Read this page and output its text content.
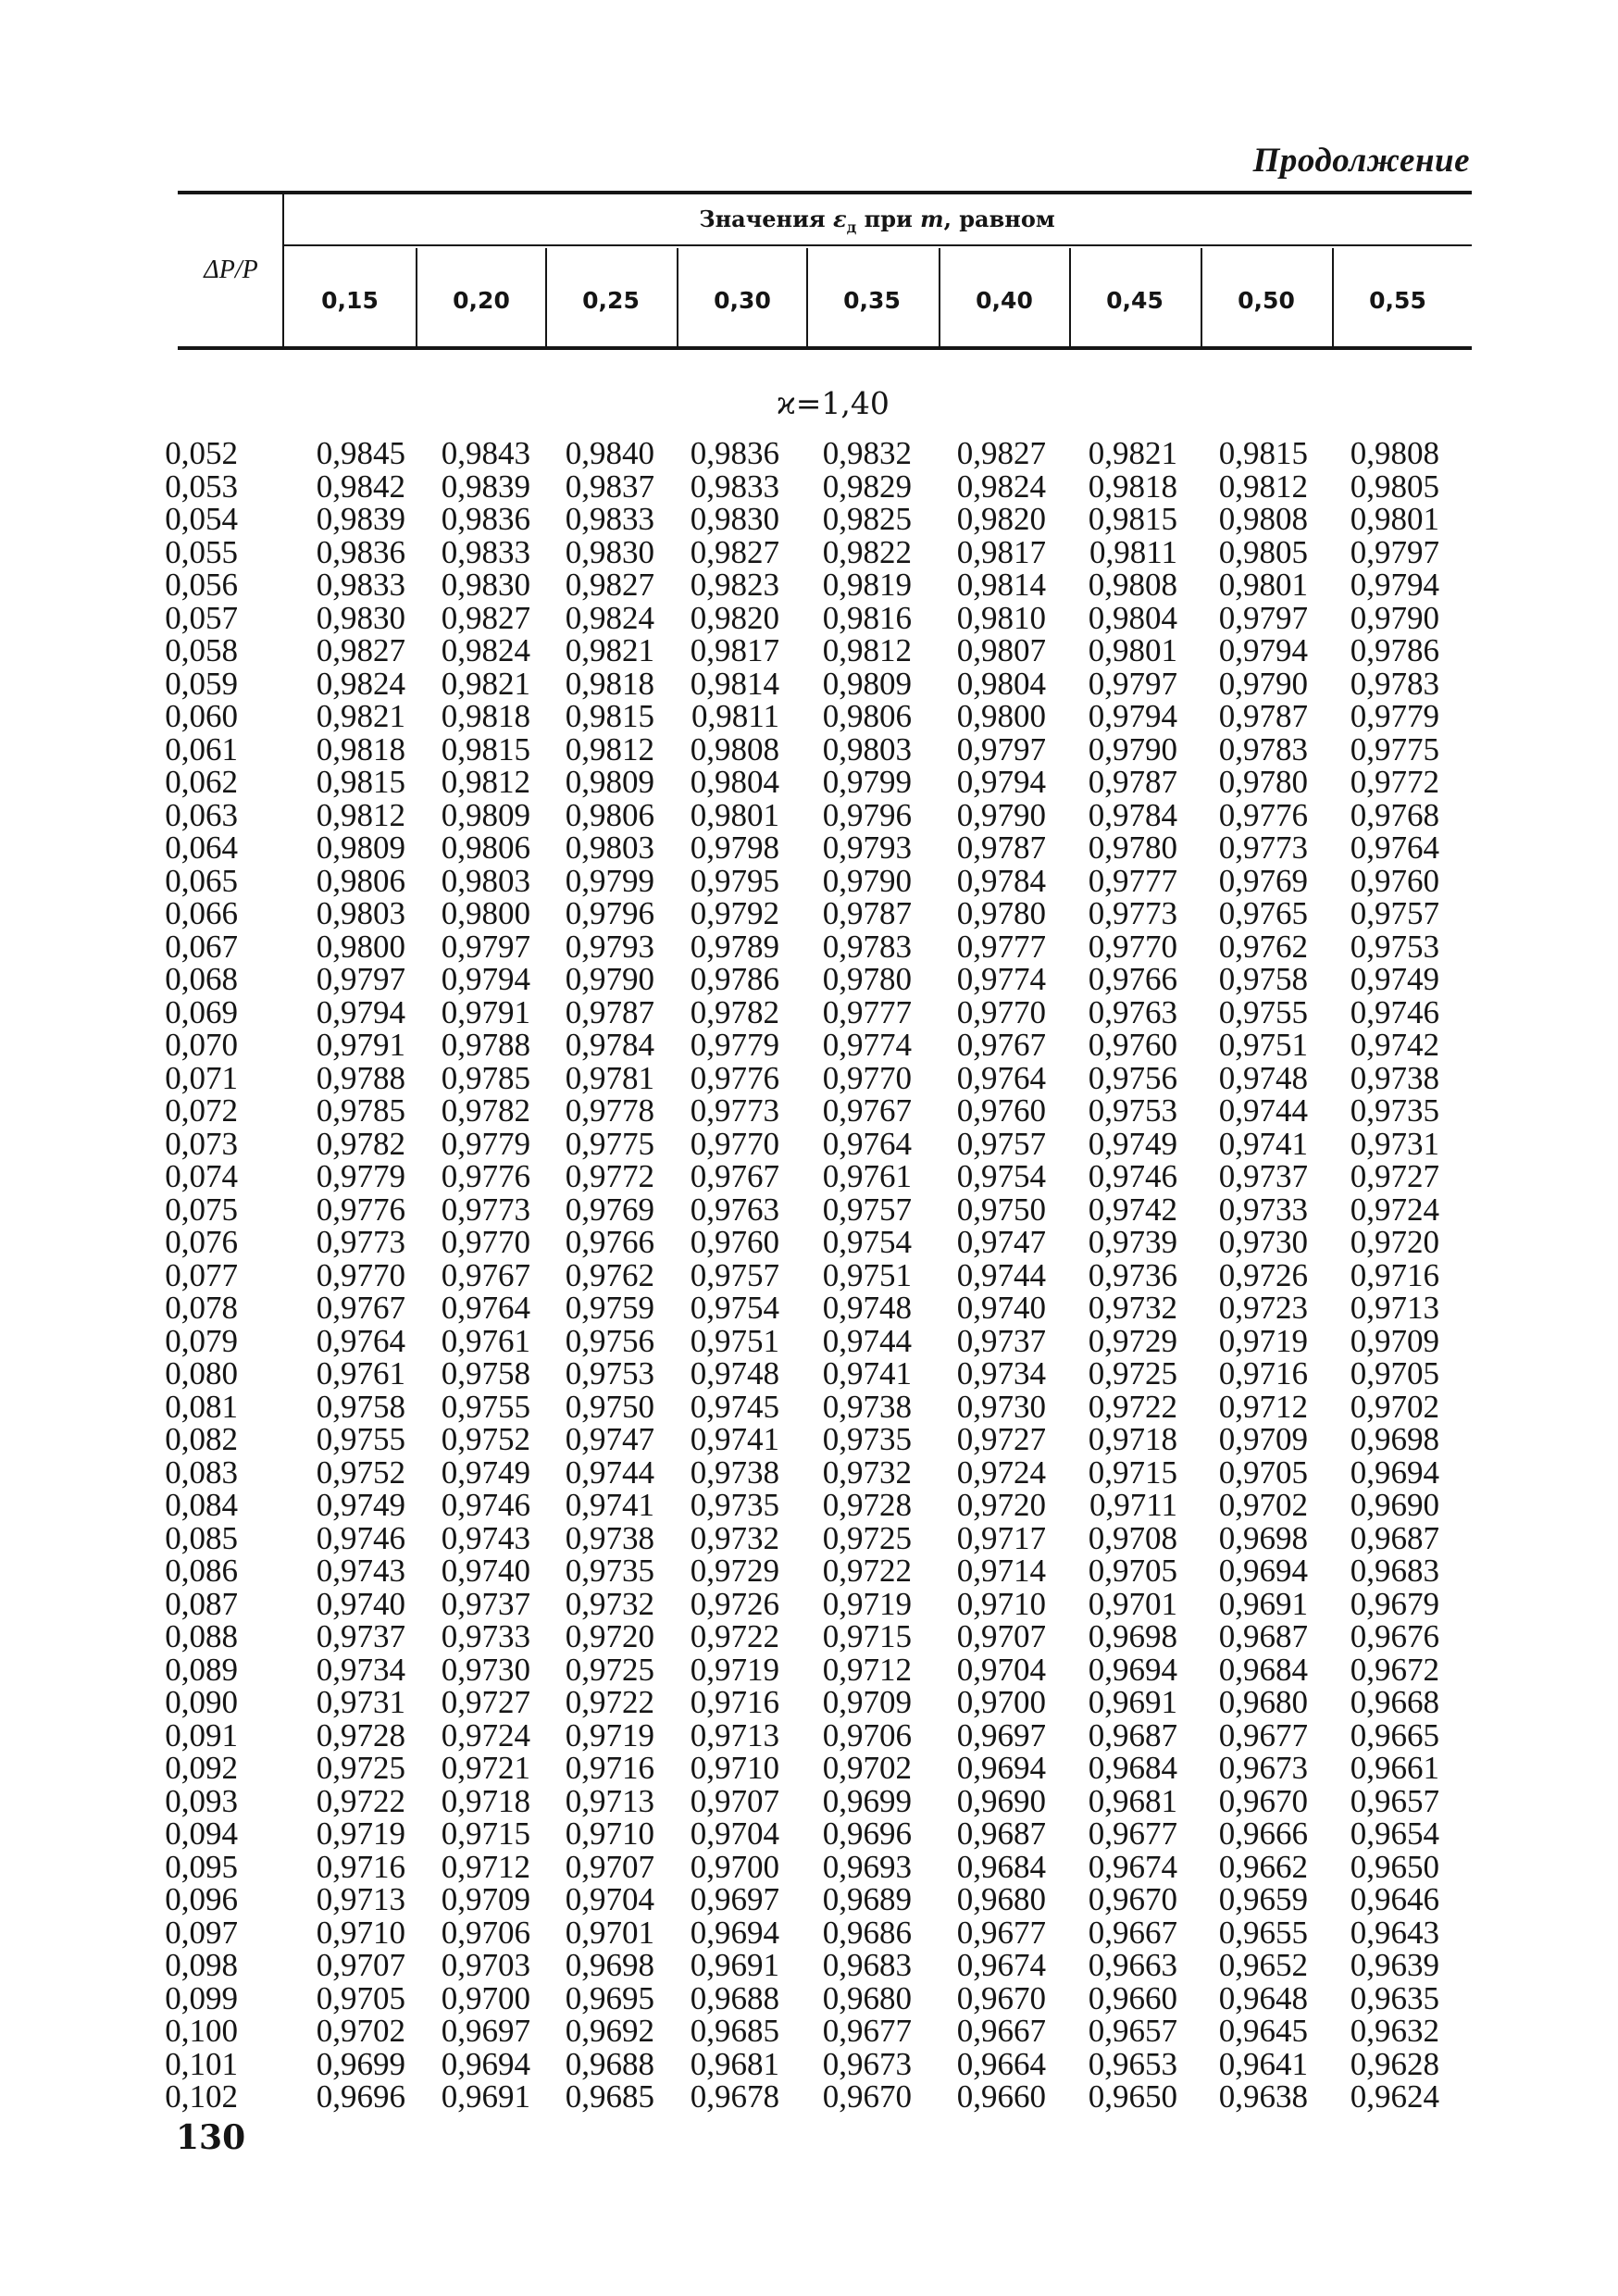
Продолжение
ΔP/P
Значения $\varepsilon_д$ при m, равном
0,15	0,20	0,25	0,30	0,35	0,40	0,45	0,50	0,55
ϰ=1,40
0,052	0,9845	0,9843	0,9840	0,9836	0,9832	0,9827	0,9821	0,9815	0,9808
0,053	0,9842	0,9839	0,9837	0,9833	0,9829	0,9824	0,9818	0,9812	0,9805
0,054	0,9839	0,9836	0,9833	0,9830	0,9825	0,9820	0,9815	0,9808	0,9801
0,055	0,9836	0,9833	0,9830	0,9827	0,9822	0,9817	0,9811	0,9805	0,9797
0,056	0,9833	0,9830	0,9827	0,9823	0,9819	0,9814	0,9808	0,9801	0,9794
0,057	0,9830	0,9827	0,9824	0,9820	0,9816	0,9810	0,9804	0,9797	0,9790
0,058	0,9827	0,9824	0,9821	0,9817	0,9812	0,9807	0,9801	0,9794	0,9786
0,059	0,9824	0,9821	0,9818	0,9814	0,9809	0,9804	0,9797	0,9790	0,9783
0,060	0,9821	0,9818	0,9815	0,9811	0,9806	0,9800	0,9794	0,9787	0,9779
0,061	0,9818	0,9815	0,9812	0,9808	0,9803	0,9797	0,9790	0,9783	0,9775
0,062	0,9815	0,9812	0,9809	0,9804	0,9799	0,9794	0,9787	0,9780	0,9772
0,063	0,9812	0,9809	0,9806	0,9801	0,9796	0,9790	0,9784	0,9776	0,9768
0,064	0,9809	0,9806	0,9803	0,9798	0,9793	0,9787	0,9780	0,9773	0,9764
0,065	0,9806	0,9803	0,9799	0,9795	0,9790	0,9784	0,9777	0,9769	0,9760
0,066	0,9803	0,9800	0,9796	0,9792	0,9787	0,9780	0,9773	0,9765	0,9757
0,067	0,9800	0,9797	0,9793	0,9789	0,9783	0,9777	0,9770	0,9762	0,9753
0,068	0,9797	0,9794	0,9790	0,9786	0,9780	0,9774	0,9766	0,9758	0,9749
0,069	0,9794	0,9791	0,9787	0,9782	0,9777	0,9770	0,9763	0,9755	0,9746
0,070	0,9791	0,9788	0,9784	0,9779	0,9774	0,9767	0,9760	0,9751	0,9742
0,071	0,9788	0,9785	0,9781	0,9776	0,9770	0,9764	0,9756	0,9748	0,9738
0,072	0,9785	0,9782	0,9778	0,9773	0,9767	0,9760	0,9753	0,9744	0,9735
0,073	0,9782	0,9779	0,9775	0,9770	0,9764	0,9757	0,9749	0,9741	0,9731
0,074	0,9779	0,9776	0,9772	0,9767	0,9761	0,9754	0,9746	0,9737	0,9727
0,075	0,9776	0,9773	0,9769	0,9763	0,9757	0,9750	0,9742	0,9733	0,9724
0,076	0,9773	0,9770	0,9766	0,9760	0,9754	0,9747	0,9739	0,9730	0,9720
0,077	0,9770	0,9767	0,9762	0,9757	0,9751	0,9744	0,9736	0,9726	0,9716
0,078	0,9767	0,9764	0,9759	0,9754	0,9748	0,9740	0,9732	0,9723	0,9713
0,079	0,9764	0,9761	0,9756	0,9751	0,9744	0,9737	0,9729	0,9719	0,9709
0,080	0,9761	0,9758	0,9753	0,9748	0,9741	0,9734	0,9725	0,9716	0,9705
0,081	0,9758	0,9755	0,9750	0,9745	0,9738	0,9730	0,9722	0,9712	0,9702
0,082	0,9755	0,9752	0,9747	0,9741	0,9735	0,9727	0,9718	0,9709	0,9698
0,083	0,9752	0,9749	0,9744	0,9738	0,9732	0,9724	0,9715	0,9705	0,9694
0,084	0,9749	0,9746	0,9741	0,9735	0,9728	0,9720	0,9711	0,9702	0,9690
0,085	0,9746	0,9743	0,9738	0,9732	0,9725	0,9717	0,9708	0,9698	0,9687
0,086	0,9743	0,9740	0,9735	0,9729	0,9722	0,9714	0,9705	0,9694	0,9683
0,087	0,9740	0,9737	0,9732	0,9726	0,9719	0,9710	0,9701	0,9691	0,9679
0,088	0,9737	0,9733	0,9720	0,9722	0,9715	0,9707	0,9698	0,9687	0,9676
0,089	0,9734	0,9730	0,9725	0,9719	0,9712	0,9704	0,9694	0,9684	0,9672
0,090	0,9731	0,9727	0,9722	0,9716	0,9709	0,9700	0,9691	0,9680	0,9668
0,091	0,9728	0,9724	0,9719	0,9713	0,9706	0,9697	0,9687	0,9677	0,9665
0,092	0,9725	0,9721	0,9716	0,9710	0,9702	0,9694	0,9684	0,9673	0,9661
0,093	0,9722	0,9718	0,9713	0,9707	0,9699	0,9690	0,9681	0,9670	0,9657
0,094	0,9719	0,9715	0,9710	0,9704	0,9696	0,9687	0,9677	0,9666	0,9654
0,095	0,9716	0,9712	0,9707	0,9700	0,9693	0,9684	0,9674	0,9662	0,9650
0,096	0,9713	0,9709	0,9704	0,9697	0,9689	0,9680	0,9670	0,9659	0,9646
0,097	0,9710	0,9706	0,9701	0,9694	0,9686	0,9677	0,9667	0,9655	0,9643
0,098	0,9707	0,9703	0,9698	0,9691	0,9683	0,9674	0,9663	0,9652	0,9639
0,099	0,9705	0,9700	0,9695	0,9688	0,9680	0,9670	0,9660	0,9648	0,9635
0,100	0,9702	0,9697	0,9692	0,9685	0,9677	0,9667	0,9657	0,9645	0,9632
0,101	0,9699	0,9694	0,9688	0,9681	0,9673	0,9664	0,9653	0,9641	0,9628
0,102	0,9696	0,9691	0,9685	0,9678	0,9670	0,9660	0,9650	0,9638	0,9624
130
